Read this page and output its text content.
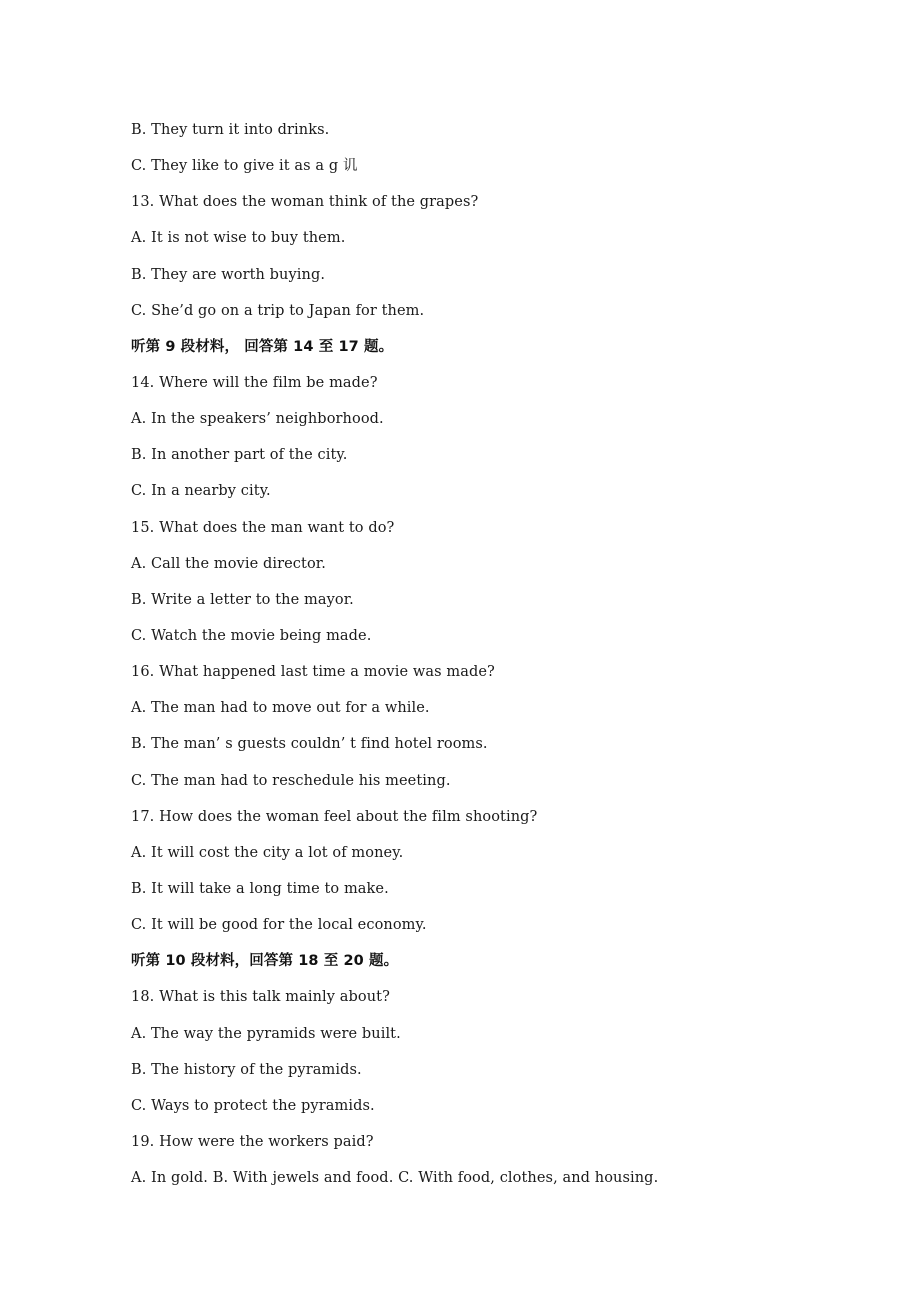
B. They turn it into drinks.
C. They like to give it as a g 讥
13. What does the woman think of the grapes?
A. It is not wise to buy them.
B. They are worth buying.
C. She’d go on a trip to Japan for them.
听第 9 段材料， 回答第 14 至 17 题。
14. Where will the film be made?
A. In the speakers’ neighborhood.
B. In another part of the city.
C. In a nearby city.
15. What does the man want to do?
A. Call the movie director.
B. Write a letter to the mayor.
C. Watch the movie being made.
16. What happened last time a movie was made?
A. The man had to move out for a while.
B. The man’ s guests couldn’ t find hotel rooms.
C. The man had to reschedule his meeting.
17. How does the woman feel about the film shooting?
A. It will cost the city a lot of money.
B. It will take a long time to make.
C. It will be good for the local economy.
听第 10 段材料，回答第 18 至 20 题。
18. What is this talk mainly about?
A. The way the pyramids were built.
B. The history of the pyramids.
C. Ways to protect the pyramids.
19. How were the workers paid?
A. In gold. B. With jewels and food. C. With food, clothes, and housing.
